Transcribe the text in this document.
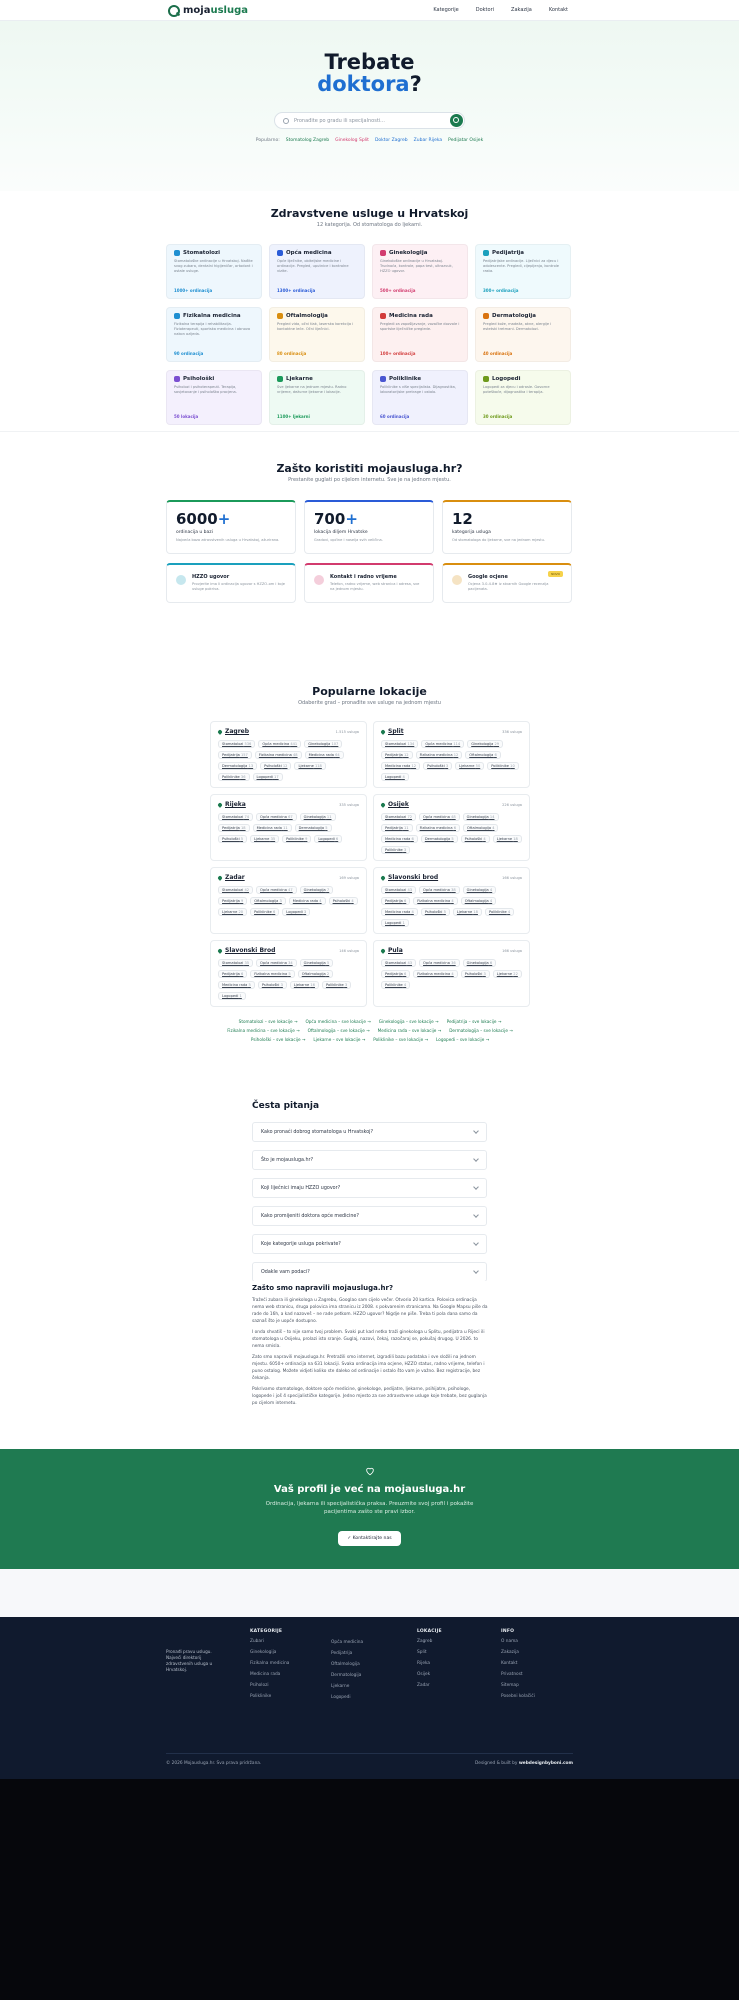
mojausluga	Kategorije	Doktori	Zakazija	Kontakt
Trebate
doktora?
Pronađite po gradu ili specijalnosti...
Popularno: Stomatolog Zagreb Ginekolog Split Doktor Zagreb Zubar Rijeka Pedijatar Osijek
Zdravstvene usluge u Hrvatskoj

12 kategorija. Od stomatologa do ljekarni.

Stomatolozi
Stomatološke ordinacije u Hrvatskoj. Nađite svog zubara, dentalni higijeničar, ortodont i ostale usluge.
1000+ ordinacija
Opća medicina
Opće liječnike, obiteljske medicine i ordinacije. Pregled, uputnice i kontrolne vizite.
1300+ ordinacija
Ginekologija
Ginekološke ordinacije u Hrvatskoj. Trudnoća, kontrole, papa test, ultrazvuk, HZZO ugovor.
500+ ordinacija
Pedijatrija
Pedijatrijske ordinacije. Liječnici za djecu i adolescente. Pregledi, cijepljenja, kontrole rasta.
300+ ordinacija
Fizikalna medicina
Fizikalna terapija i rehabilitacija. Fizioterapeuti, sportska medicina i obnova nakon ozljeda.
90 ordinacija
Oftalmologija
Pregled vida, očni tlak, laserska korekcija i kontaktne leće. Očni liječnici.
80 ordinacija
Medicina rada
Pregledi za zapošljavanje, vozačke dozvole i sportske liječničke preglede.
100+ ordinacija
Dermatologija
Pregled kože, madeža, akne, alergije i estetski tretmani. Dermatolozi.
40 ordinacija
Psihološki
Psiholozi i psihoterapeuti. Terapija, savjetovanje i psihološka procjena.
50 lokacija
Ljekarne
Sve ljekarne na jednom mjestu. Radno vrijeme, dežurne ljekarne i lokacije.
1100+ ljekarni
Poliklinike
Poliklinike s više specijalista. Dijagnostika, laboratorijske pretrage i ostalo.
60 ordinacija
Logopedi
Logopedi za djecu i odrasle. Govorne poteškoće, dijagnostika i terapija.
30 ordinacija
Zašto koristiti mojausluga.hr?

Prestanite guglati po cijelom internetu. Sve je na jednom mjestu.

6000+
ordinacija u bazi
Najveća baza zdravstvenih usluga u Hrvatskoj, ažurirana.
700+
lokacija diljem Hrvatske
Gradovi, općine i naselja svih veličina.
12
kategorija usluga
Od stomatologa do ljekarne, sve na jednom mjestu.
HZZO ugovor
Provjerite ima li ordinacija ugovor s HZZO-om i koje usluge pokriva.
Kontakt i radno vrijeme
Telefon, radno vrijeme, web stranica i adresa, sve na jednom mjestu.
Google ocjene
Ocjena 3.0-4.8★ iz stvarnih Google recenzija pacijenata.
NOVO
Popularne lokacije

Odaberite grad – pronađite sve usluge na jednom mjestu

Zagreb	1.515 usluga
Stomatolozi 536	Opća medicina 441	Ginekologija 107
Pedijatrija 157	Fizikalna medicina 48	Medicina rada 64
Dermatologija 13	Psihološki 12	Ljekarne 118
Poliklinike 36	Logopedi 17
Split	336 usluga
Stomatolozi 134	Opća medicina 114	Ginekologija 29
Pedijatrija 12	Fizikalna medicina 12	Oftalmologija 6
Medicina rada 12	Psihološki 3	Ljekarne 50	Poliklinike 10
Logopedi 4
Rijeka	335 usluga
Stomatolozi 74	Opća medicina 67	Ginekologija 11
Pedijatrija 18	Medicina rada 11	Dermatologija 5
Psihološki 5	Ljekarne 35	Poliklinike 9	Logopedi 6
Osijek	226 usluga
Stomatolozi 72	Opća medicina 48	Ginekologija 14
Pedijatrija 11	Fizikalna medicina 6	Oftalmologija 4
Medicina rada 6	Dermatologija 5	Psihološki 4	Ljekarne 18
Poliklinike 3
Zadar	169 usluga
Stomatolozi 42	Opća medicina 47	Ginekologija 7
Pedijatrija 9	Oftalmologija 3	Medicina rada 4	Psihološki 4
Ljekarne 20	Poliklinike 6	Logopedi 3
Slavonski brod	166 usluga
Stomatolozi 43	Opća medicina 38	Ginekologija 4
Pedijatrija 6	Fizikalna medicina 4	Oftalmologija 4
Medicina rada 4	Psihološki 5	Ljekarne 18	Poliklinike 4
Logopedi 1
Slavonski Brod	146 usluga
Stomatolozi 35	Opća medicina 34	Ginekologija 5
Pedijatrija 6	Fizikalna medicina 5	Oftalmologija 2
Medicina rada 5	Psihološki 3	Ljekarne 16	Poliklinike 3
Logopedi 1
Pula	166 usluga
Stomatolozi 43	Opća medicina 36	Ginekologija 6
Pedijatrija 6	Fizikalna medicina 4	Psihološki 3	Ljekarne 22
Poliklinike 4
Stomatolozi – sve lokacije → Opća medicina – sve lokacije → Ginekologija – sve lokacije → Pedijatrija – sve lokacije →
Fizikalna medicina – sve lokacije → Oftalmologija – sve lokacije → Medicina rada – sve lokacije → Dermatologija – sve lokacije →
Psihološki – sve lokacije → Ljekarne – sve lokacije → Poliklinike – sve lokacije → Logopedi – sve lokacije →
Česta pitanja
Kako pronaći dobrog stomatologa u Hrvatskoj?
Što je mojausluga.hr?
Koji liječnici imaju HZZO ugovor?
Kako promijeniti doktora opće medicine?
Koje kategorije usluga pokrivate?
Odakle vam podaci?
Zašto smo napravili mojausluga.hr?

Tražeći zubara ili ginekologa u Zagrebu, Googlao sam cijelo večer. Otvorio 20 kartica. Polovica ordinacija nema web stranicu, druga polovica ima stranicu iz 2008. s pokvarenim stranicama. Na Google Mapsu piše da rade do 16h, a kad nazoveš – ne rade petkom. HZZO ugovor? Nigdje ne piše. Treba ti pola dana samo da saznaš što je uopće dostupno.

I onda shvatiš – to nije samo tvoj problem. Svaki put kad netko traži ginekologa u Splitu, pedijatra u Rijeci ili stomatologa u Osijeku, prolazi isto sranje. Guglaj, nazovi, čekaj, razočaraj se, pokušaj drugog. U 2026. to nema smisla.

Zato smo napravili mojausluga.hr. Pretražili smo internet, izgradili bazu podataka i sve složili na jednom mjestu. 6050+ ordinacija na 631 lokaciji. Svaka ordinacija ima ocjene, HZZO status, radno vrijeme, telefon i puno ostalog. Možete vidjeti koliko ste daleko od ordinacije i ostalo što vam je važno. Bez registracije, bez čekanja.

Pokrivamo stomatologe, doktore opće medicine, ginekologe, pedijatre, ljekarne, psihijatre, psihologe, logopede i još 4 specijalističke kategorije. Jedno mjesto za sve zdravstvene usluge koje trebate, bez guglanja po cijelom internetu.

Vaš profil je već na mojausluga.hr

Ordinacija, ljekarna ili specijalistička praksa. Preuzmite svoj profil i pokažite pacijentima zašto ste pravi izbor.

✓ Kontaktirajte nas

Pronađi pravu uslugu. Najveći direktorij zdravstvenih usluga u Hrvatskoj.

KATEGORIJE
Zubari
Ginekologija
Fizikalna medicina
Medicina rada
Psiholozi
Poliklinike
Opća medicina
Pedijatrija
Oftalmologija
Dermatologija
Ljekarne
Logopedi
LOKACIJE
Zagreb
Split
Rijeka
Osijek
Zadar
INFO
O nama
Zakazija
Kontakt
Privatnost
Sitemap
Posebni kolačići
© 2026 Mojausluga.hr. Sva prava pridržana.	Designed & built by webdesignbyboni.com
